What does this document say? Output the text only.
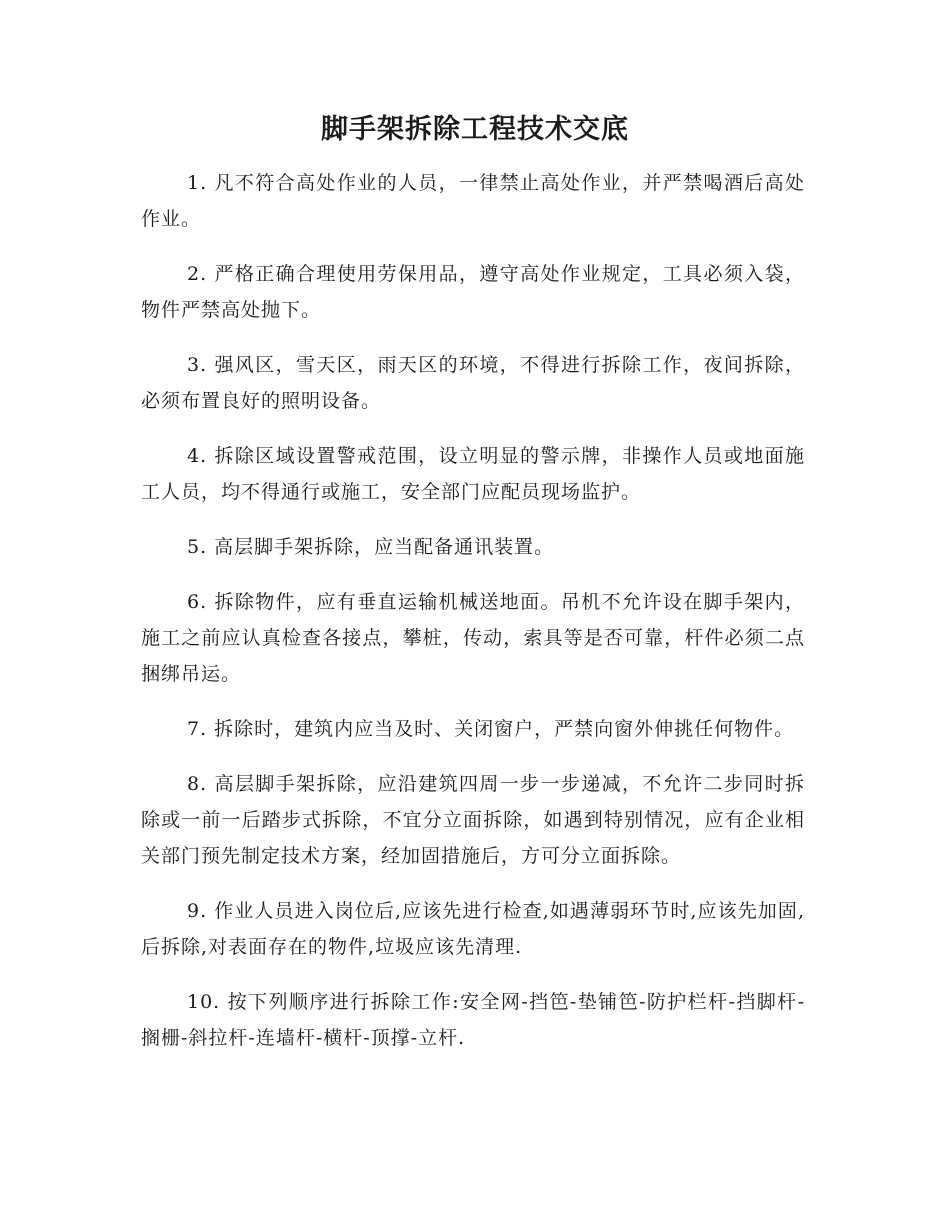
脚手架拆除工程技术交底

1. 凡不符合高处作业的人员，一律禁止高处作业，并严禁喝酒后高处作业。

2. 严格正确合理使用劳保用品，遵守高处作业规定，工具必须入袋，物件严禁高处抛下。

3. 强风区，雪天区，雨天区的环境，不得进行拆除工作，夜间拆除，必须布置良好的照明设备。

4. 拆除区域设置警戒范围，设立明显的警示牌，非操作人员或地面施工人员，均不得通行或施工，安全部门应配员现场监护。

5. 高层脚手架拆除，应当配备通讯装置。

6. 拆除物件，应有垂直运输机械送地面。吊机不允许设在脚手架内，施工之前应认真检查各接点，攀桩，传动，索具等是否可靠，杆件必须二点捆绑吊运。

7. 拆除时，建筑内应当及时、关闭窗户，严禁向窗外伸挑任何物件。

8. 高层脚手架拆除，应沿建筑四周一步一步递减，不允许二步同时拆除或一前一后踏步式拆除，不宜分立面拆除，如遇到特别情况，应有企业相关部门预先制定技术方案，经加固措施后，方可分立面拆除。

9. 作业人员进入岗位后,应该先进行检查,如遇薄弱环节时,应该先加固,后拆除,对表面存在的物件,垃圾应该先清理.

10. 按下列顺序进行拆除工作:安全网-挡笆-垫铺笆-防护栏杆-挡脚杆-搁栅-斜拉杆-连墙杆-横杆-顶撑-立杆.
